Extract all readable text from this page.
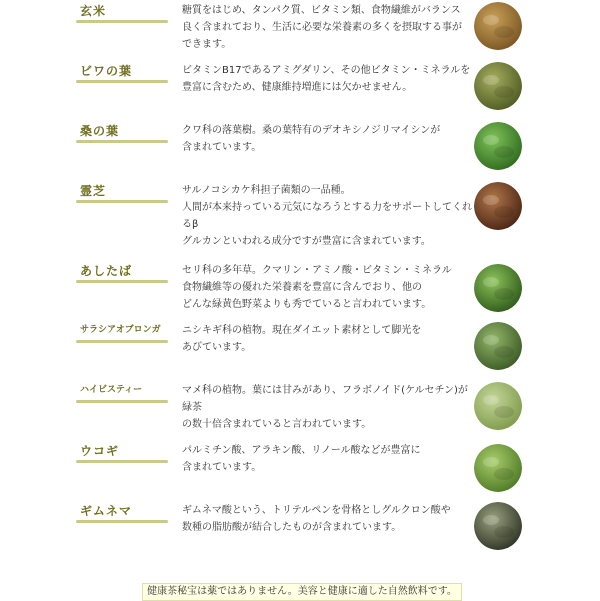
玄米	糖質をはじめ、タンパク質、ビタミン類、食物繊維がバランス
良く含まれており、生活に必要な栄養素の多くを摂取する事が
できます。
ビワの葉	ビタミンB17であるアミグダリン、その他ビタミン・ミネラルを
豊富に含むため、健康維持増進には欠かせません。
桑の葉	クワ科の落葉樹。桑の葉特有のデオキシノジリマイシンが
含まれています。
霊芝	サルノコシカケ科担子菌類の一品種。
人間が本来持っている元気になろうとする力をサポートしてくれるβ
グルカンといわれる成分ですが豊富に含まれています。
あしたば	セリ科の多年草。クマリン・アミノ酸・ビタミン・ミネラル
食物繊維等の優れた栄養素を豊富に含んでおり、他の
どんな緑黄色野菜よりも秀でていると言われています。
サラシアオブロンガ	ニシキギ科の植物。現在ダイエット素材として脚光を
あびています。
ハイビスティー	マメ科の植物。葉には甘みがあり、フラボノイド(ケルセチン)が緑茶
の数十倍含まれていると言われています。
ウコギ	パルミチン酸、アラキン酸、リノール酸などが豊富に
含まれています。
ギムネマ	ギムネマ酸という、トリテルペンを骨格としグルクロン酸や
数種の脂肪酸が結合したものが含まれています。
健康茶秘宝は薬ではありません。美容と健康に適した自然飲料です。
